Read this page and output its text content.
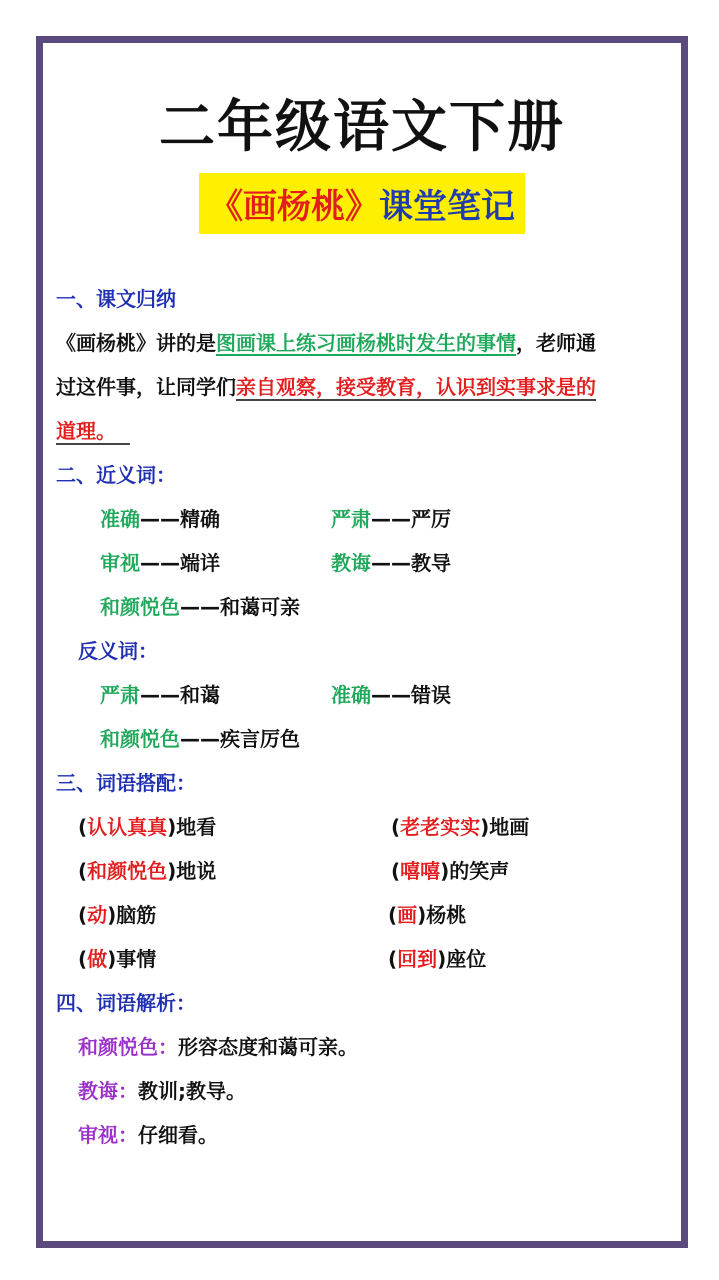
二年级语文下册
《画杨桃》课堂笔记
一、课文归纳
《画杨桃》讲的是图画课上练习画杨桃时发生的事情，老师通
过这件事，让同学们亲自观察，接受教育，认识到实事求是的
道理。
二、近义词：
准确——精确	严肃——严厉
审视——端详	教诲——教导
和颜悦色——和蔼可亲
反义词：
严肃——和蔼	准确——错误
和颜悦色——疾言厉色
三、词语搭配：
(认认真真)地看	(老老实实)地画
(和颜悦色)地说	(嘻嘻)的笑声
(动)脑筋	(画)杨桃
(做)事情	(回到)座位
四、词语解析：
和颜悦色：形容态度和蔼可亲。
教诲：教训;教导。
审视：仔细看。
